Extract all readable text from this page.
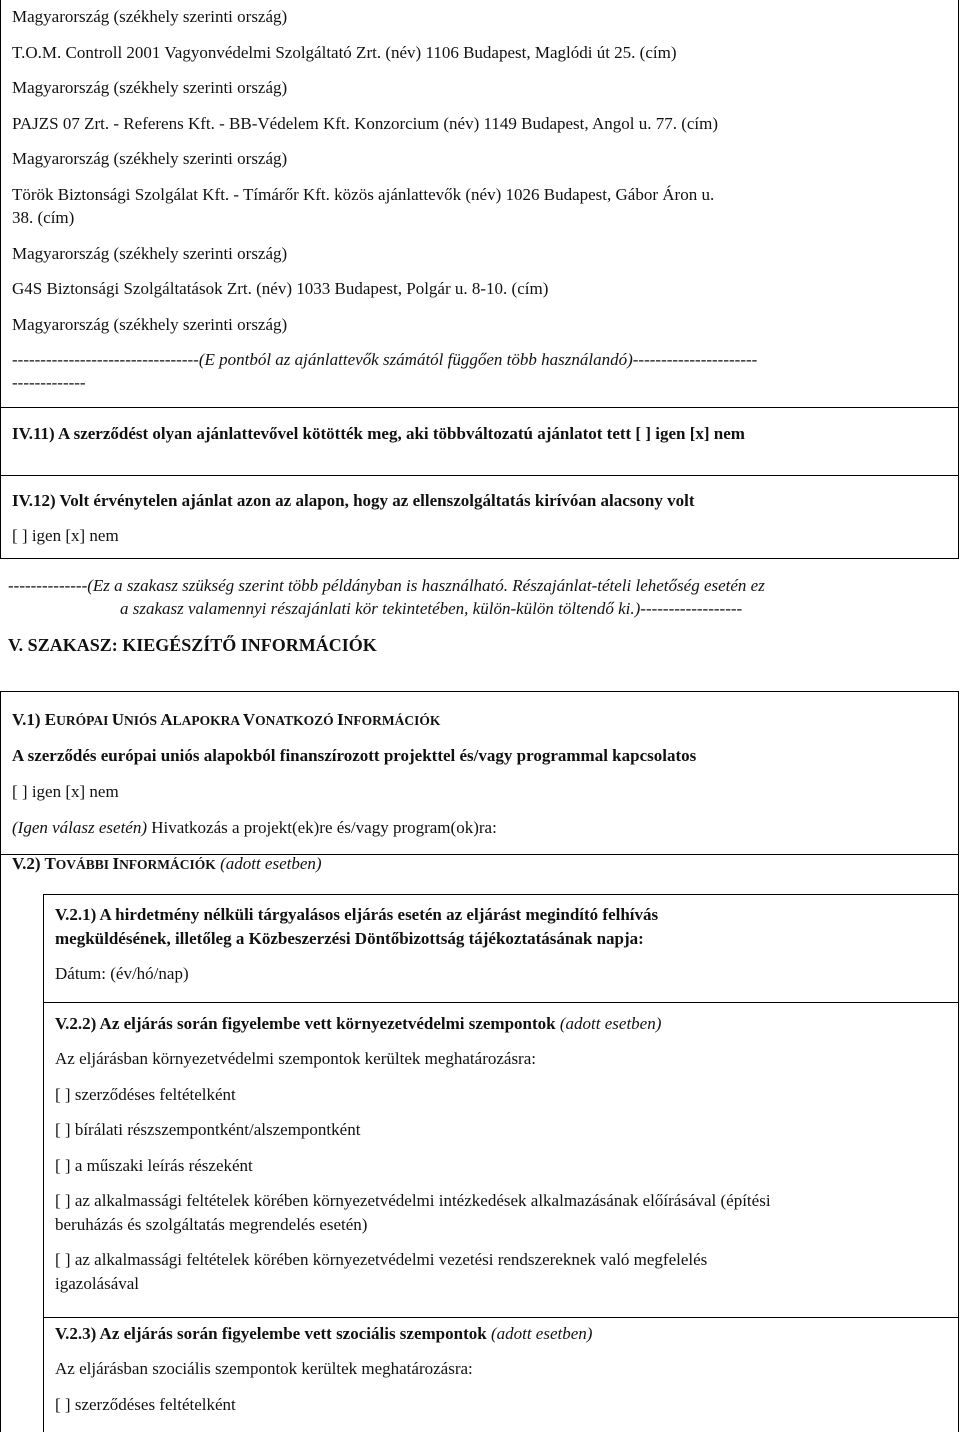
Magyarország (székhely szerinti ország)
T.O.M. Controll 2001 Vagyonvédelmi Szolgáltató Zrt. (név) 1106 Budapest, Maglódi út 25. (cím)
Magyarország (székhely szerinti ország)
PAJZS 07 Zrt. - Referens Kft. - BB-Védelem Kft. Konzorcium (név) 1149 Budapest, Angol u. 77. (cím)
Magyarország (székhely szerinti ország)
Török Biztonsági Szolgálat Kft. - Tímárőr Kft. közös ajánlattevők (név) 1026 Budapest, Gábor Áron u.
38. (cím)
Magyarország (székhely szerinti ország)
G4S Biztonsági Szolgáltatások Zrt. (név) 1033 Budapest, Polgár u. 8-10. (cím)
Magyarország (székhely szerinti ország)
---------------------------------(E pontból az ajánlattevők számától függően több használandó)----------------------
-------------
IV.11) A szerződést olyan ajánlattevővel kötötték meg, aki többváltozatú ajánlatot tett [ ] igen [x] nem
IV.12) Volt érvénytelen ajánlat azon az alapon, hogy az ellenszolgáltatás kirívóan alacsony volt
[ ] igen [x] nem
--------------(Ez a szakasz szükség szerint több példányban is használható. Részajánlat-tételi lehetőség esetén ez
a szakasz valamennyi részajánlati kör tekintetében, külön-külön töltendő ki.)------------------
V. SZAKASZ: KIEGÉSZÍTŐ INFORMÁCIÓK
V.1) EURÓPAI UNIÓS ALAPOKRA VONATKOZÓ INFORMÁCIÓK
A szerződés európai uniós alapokból finanszírozott projekttel és/vagy programmal kapcsolatos
[ ] igen [x] nem
(Igen válasz esetén) Hivatkozás a projekt(ek)re és/vagy program(ok)ra:
V.2) TOVÁBBI INFORMÁCIÓK (adott esetben)
V.2.1) A hirdetmény nélküli tárgyalásos eljárás esetén az eljárást megindító felhívás
megküldésének, illetőleg a Közbeszerzési Döntőbizottság tájékoztatásának napja:
Dátum: (év/hó/nap)
V.2.2) Az eljárás során figyelembe vett környezetvédelmi szempontok (adott esetben)
Az eljárásban környezetvédelmi szempontok kerültek meghatározásra:
[ ] szerződéses feltételként
[ ] bírálati részszempontként/alszempontként
[ ] a műszaki leírás részeként
[ ] az alkalmassági feltételek körében környezetvédelmi intézkedések alkalmazásának előírásával (építési
beruházás és szolgáltatás megrendelés esetén)
[ ] az alkalmassági feltételek körében környezetvédelmi vezetési rendszereknek való megfelelés
igazolásával
V.2.3) Az eljárás során figyelembe vett szociális szempontok (adott esetben)
Az eljárásban szociális szempontok kerültek meghatározásra:
[ ] szerződéses feltételként
